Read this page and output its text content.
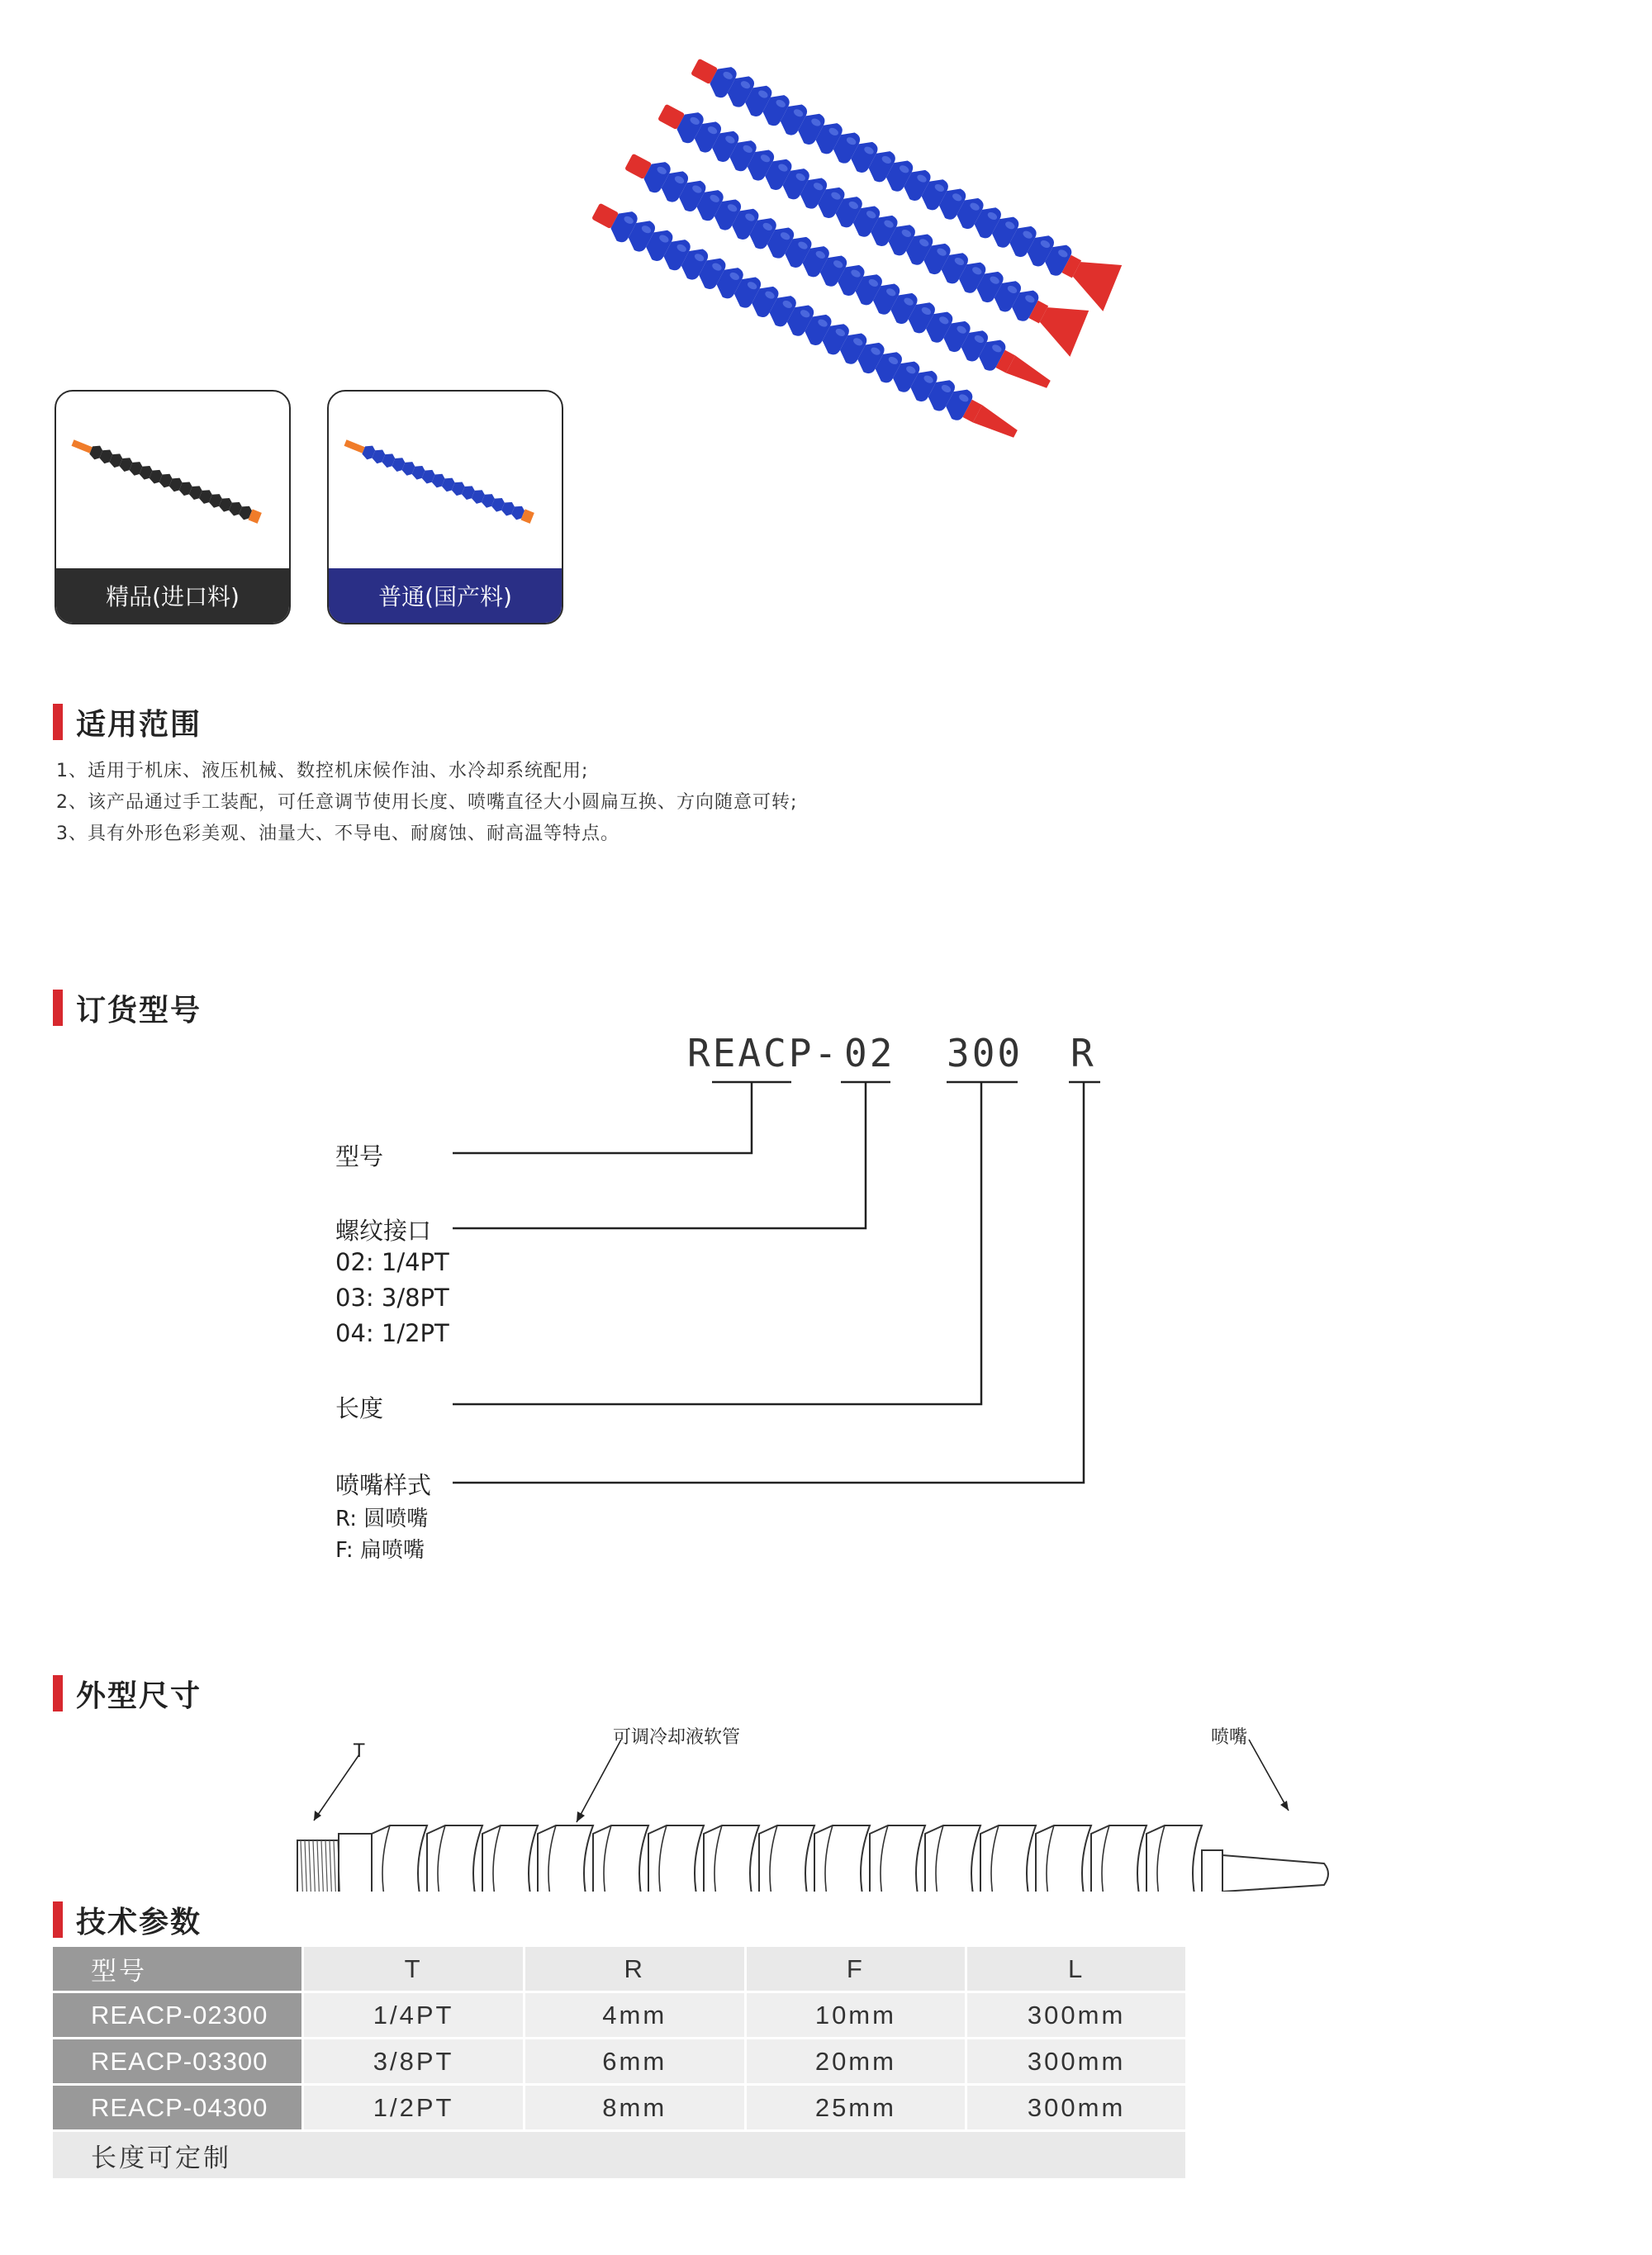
精品(进口料)	普通(国产料)
适用范围
1、适用于机床、液压机械、数控机床候作油、水冷却系统配用;
2、该产品通过手工装配，可任意调节使用长度、喷嘴直径大小圆扁互换、方向随意可转;
3、具有外形色彩美观、油量大、不导电、耐腐蚀、耐高温等特点。
订货型号
REACP- 02 300 R
型号
螺纹接口
02: 1/4PT
03: 3/8PT
04: 1/2PT
长度
喷嘴样式
R: 圆喷嘴
F: 扁喷嘴
外型尺寸
T
可调冷却液软管	喷嘴
技术参数
型号	T	R	F	L
REACP-02300	1/4PT	4mm	10mm	300mm
REACP-03300	3/8PT	6mm	20mm	300mm
REACP-04300	1/2PT	8mm	25mm	300mm
长度可定制				
